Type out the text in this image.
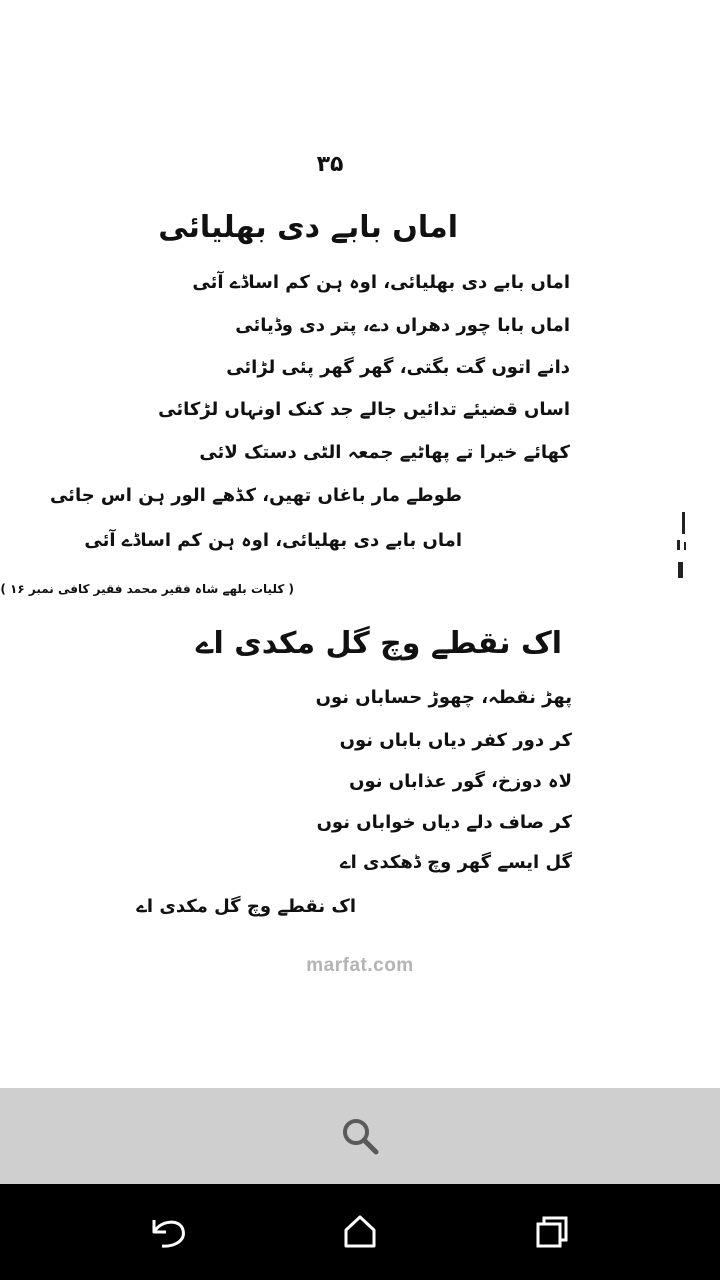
۳۵
اماں بابے دی بھلیائی
اماں بابے دی بھلیائی، اوہ ہن کم اساڈے آئی
اماں بابا چور دھراں دے، پتر دی وڈیائی
دانے اتوں گت بگتی، گھر گھر پئی لڑائی
اساں قضیئے تدائیں جالے جد کنک اونہاں لڑکائی
کھائے خیرا تے پھاٹیے جمعہ الٹی دستک لائی
طوطے مار باغاں تھیں، کڈھے الور ہن اس جائی
اماں بابے دی بھلیائی، اوہ ہن کم اساڈے آئی
( کلیات بلھے شاہ فقیر محمد فقیر کافی نمبر ۱۶ )
اک نقطے وچ گل مکدی اے
پھڑ نقطہ، چھوڑ حساباں نوں
کر دور کفر دیاں باباں نوں
لاہ دوزخ، گور عذاباں نوں
کر صاف دلے دیاں خواباں نوں
گل ایسے گھر وچ ڈھکدی اے
اک نقطے وچ گل مکدی اے
marfat.com
